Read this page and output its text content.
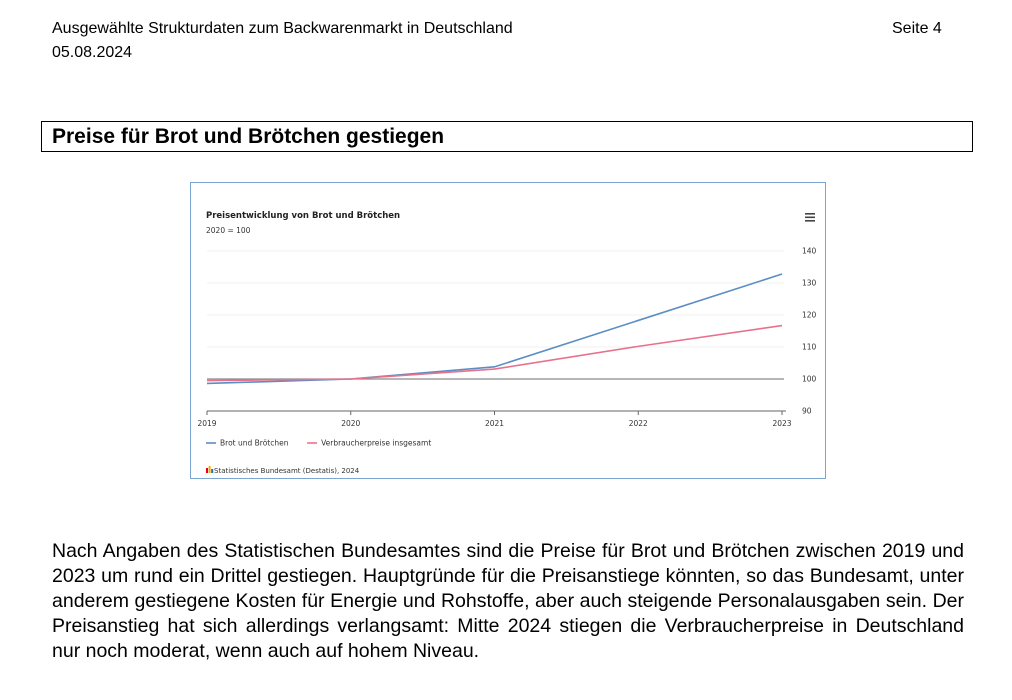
Ausgewählte Strukturdaten zum Backwarenmarkt in Deutschland
05.08.2024
Seite 4
Preise für Brot und Brötchen gestiegen
Preisentwicklung von Brot und Brötchen
2020 = 100
90
100
110
120
130
140
2019	2020	2021	2022	2023
Brot und Brötchen	Verbraucherpreise insgesamt
Statistisches Bundesamt (Destatis), 2024
Nach Angaben des Statistischen Bundesamtes sind die Preise für Brot und Brötchen zwischen 2019 und 2023 um rund ein Drittel gestiegen. Hauptgründe für die Preisanstiege könnten, so das Bundesamt, unter anderem gestiegene Kosten für Energie und Rohstoffe, aber auch steigende Personalausgaben sein. Der Preisanstieg hat sich allerdings verlangsamt: Mitte 2024 stiegen die Verbraucherpreise in Deutschland nur noch moderat, wenn auch auf hohem Niveau.
